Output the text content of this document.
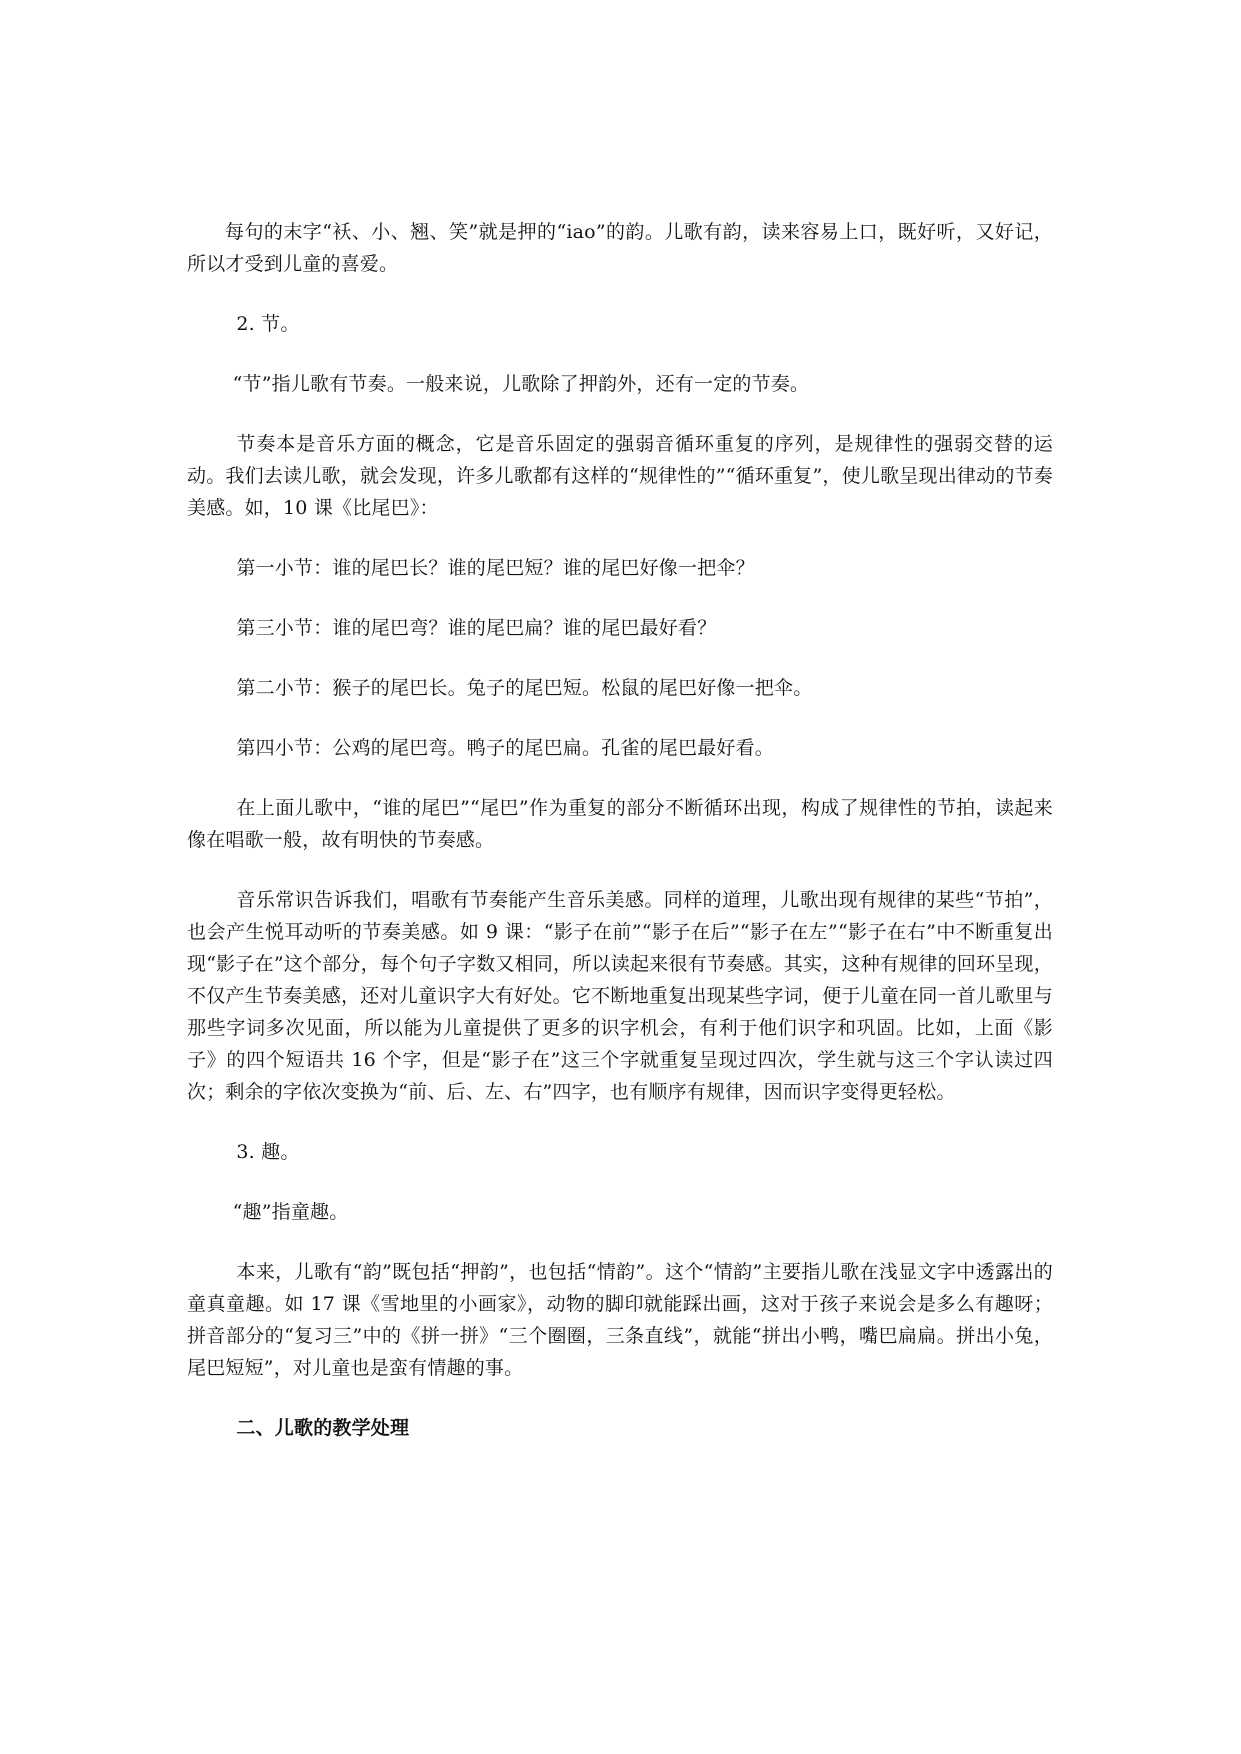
每句的末字“袄、小、翘、笑”就是押的“iao”的韵。儿歌有韵，读来容易上口，既好听，又好记，所以才受到儿童的喜爱。

2. 节。

“节”指儿歌有节奏。一般来说，儿歌除了押韵外，还有一定的节奏。

节奏本是音乐方面的概念，它是音乐固定的强弱音循环重复的序列，是规律性的强弱交替的运动。我们去读儿歌，就会发现，许多儿歌都有这样的“规律性的”“循环重复”，使儿歌呈现出律动的节奏美感。如，10 课《比尾巴》：

第一小节：谁的尾巴长？谁的尾巴短？谁的尾巴好像一把伞？

第三小节：谁的尾巴弯？谁的尾巴扁？谁的尾巴最好看？

第二小节：猴子的尾巴长。兔子的尾巴短。松鼠的尾巴好像一把伞。

第四小节：公鸡的尾巴弯。鸭子的尾巴扁。孔雀的尾巴最好看。

在上面儿歌中，“谁的尾巴”“尾巴”作为重复的部分不断循环出现，构成了规律性的节拍，读起来像在唱歌一般，故有明快的节奏感。

音乐常识告诉我们，唱歌有节奏能产生音乐美感。同样的道理，儿歌出现有规律的某些“节拍”，也会产生悦耳动听的节奏美感。如 9 课：“影子在前”“影子在后”“影子在左”“影子在右”中不断重复出现“影子在”这个部分，每个句子字数又相同，所以读起来很有节奏感。其实，这种有规律的回环呈现，不仅产生节奏美感，还对儿童识字大有好处。它不断地重复出现某些字词，便于儿童在同一首儿歌里与那些字词多次见面，所以能为儿童提供了更多的识字机会，有利于他们识字和巩固。比如，上面《影子》的四个短语共 16 个字，但是“影子在”这三个字就重复呈现过四次，学生就与这三个字认读过四次；剩余的字依次变换为“前、后、左、右”四字，也有顺序有规律，因而识字变得更轻松。

3. 趣。

“趣”指童趣。

本来，儿歌有“韵”既包括“押韵”，也包括“情韵”。这个“情韵”主要指儿歌在浅显文字中透露出的童真童趣。如 17 课《雪地里的小画家》，动物的脚印就能踩出画，这对于孩子来说会是多么有趣呀；拼音部分的“复习三”中的《拼一拼》“三个圈圈，三条直线”，就能“拼出小鸭，嘴巴扁扁。拼出小兔，尾巴短短”，对儿童也是蛮有情趣的事。

二、儿歌的教学处理
